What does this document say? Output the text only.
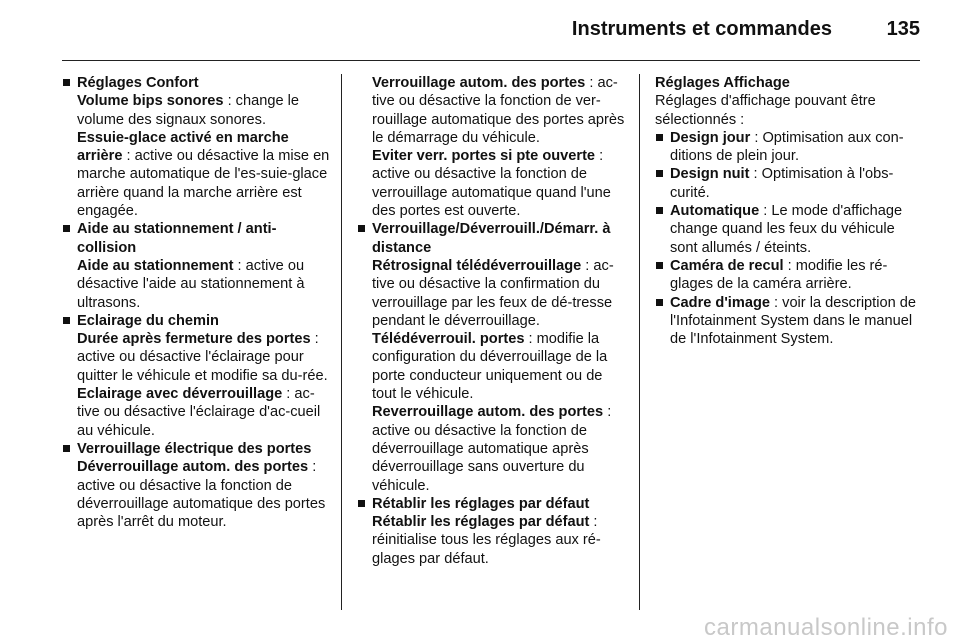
Instruments et commandes	135

Réglages Confort

Volume bips sonores : change le volume des signaux sonores.

Essuie-glace activé en marche arrière : active ou désactive la mise en marche automatique de l'es-suie-glace arrière quand la marche arrière est engagée.

Aide au stationnement / anti-collision

Aide au stationnement : active ou désactive l'aide au stationnement à ultrasons.

Eclairage du chemin

Durée après fermeture des portes : active ou désactive l'éclairage pour quitter le véhicule et modifie sa du-rée.

Eclairage avec déverrouillage : ac-tive ou désactive l'éclairage d'ac-cueil au véhicule.

Verrouillage électrique des portes

Déverrouillage autom. des portes : active ou désactive la fonction de déverrouillage automatique des portes après l'arrêt du moteur.

Verrouillage autom. des portes : ac-tive ou désactive la fonction de ver-rouillage automatique des portes après le démarrage du véhicule.

Eviter verr. portes si pte ouverte : active ou désactive la fonction de verrouillage automatique quand l'une des portes est ouverte.

Verrouillage/Déverrouill./Démarr. à distance

Rétrosignal télédéverrouillage : ac-tive ou désactive la confirmation du verrouillage par les feux de dé-tresse pendant le déverrouillage.

Télédéverrouil. portes : modifie la configuration du déverrouillage de la porte conducteur uniquement ou de tout le véhicule.

Reverrouillage autom. des portes : active ou désactive la fonction de déverrouillage automatique après déverrouillage sans ouverture du véhicule.

Rétablir les réglages par défaut

Rétablir les réglages par défaut : réinitialise tous les réglages aux ré-glages par défaut.

Réglages Affichage

Réglages d'affichage pouvant être sélectionnés :

Design jour : Optimisation aux con-ditions de plein jour.

Design nuit : Optimisation à l'obs-curité.

Automatique : Le mode d'affichage change quand les feux du véhicule sont allumés / éteints.

Caméra de recul : modifie les ré-glages de la caméra arrière.

Cadre d'image : voir la description de l'Infotainment System dans le manuel de l'Infotainment System.

carmanualsonline.info
